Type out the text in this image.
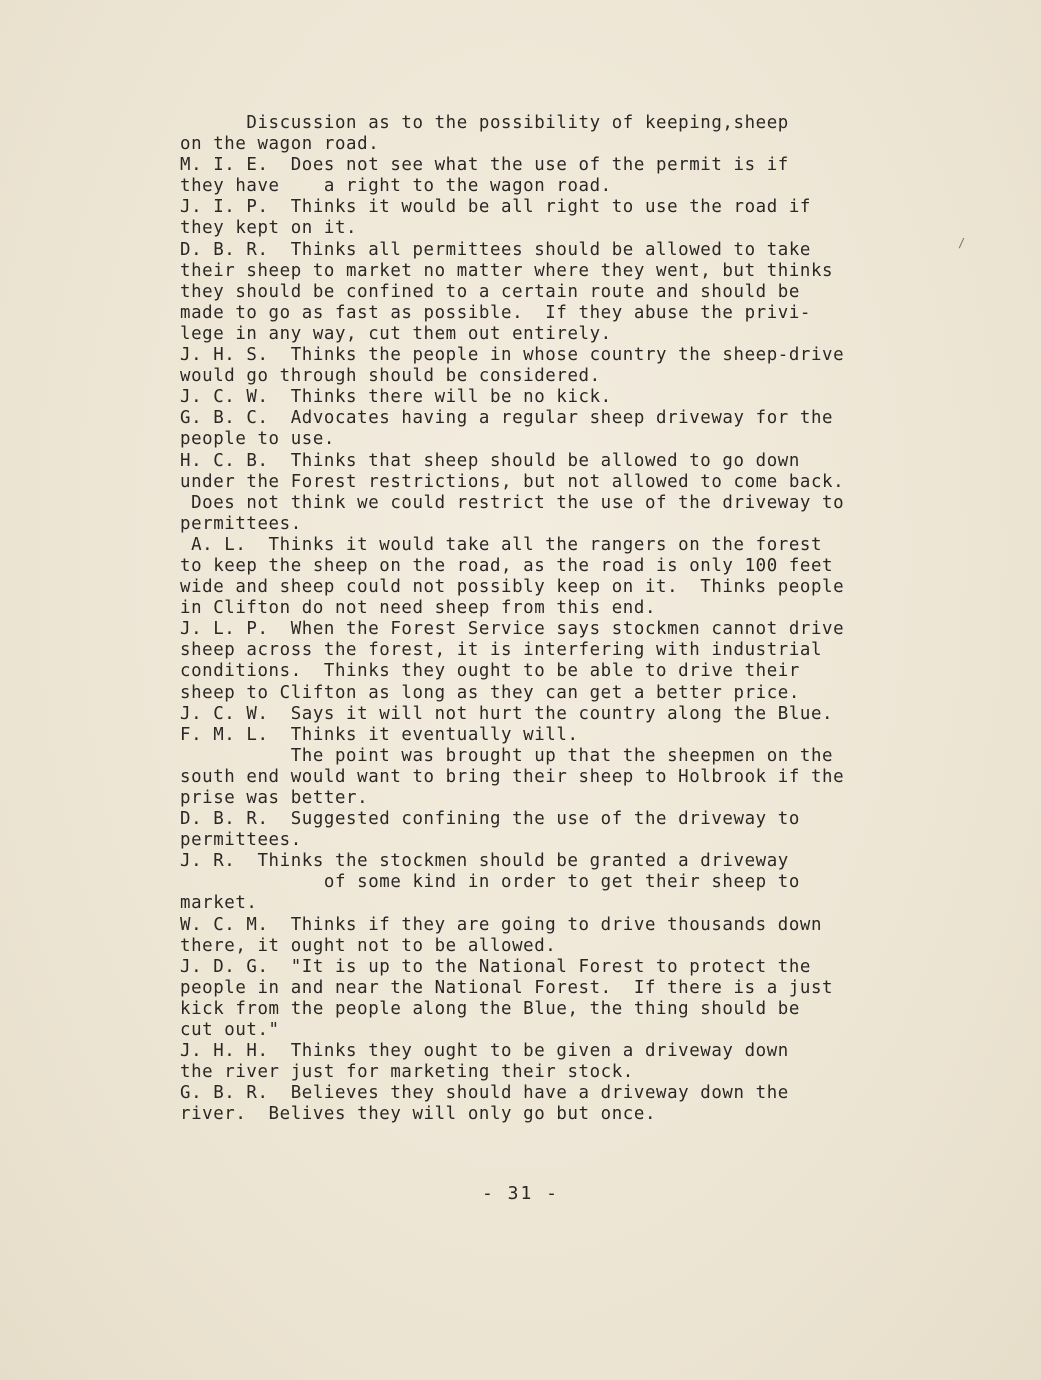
Discussion as to the possibility of keeping,sheep
on the wagon road.
M. I. E.  Does not see what the use of the permit is if
they have    a right to the wagon road.
J. I. P.  Thinks it would be all right to use the road if
they kept on it.
D. B. R.  Thinks all permittees should be allowed to take
their sheep to market no matter where they went, but thinks
they should be confined to a certain route and should be
made to go as fast as possible.  If they abuse the privi-
lege in any way, cut them out entirely.
J. H. S.  Thinks the people in whose country the sheep-drive
would go through should be considered.
J. C. W.  Thinks there will be no kick.
G. B. C.  Advocates having a regular sheep driveway for the
people to use.
H. C. B.  Thinks that sheep should be allowed to go down
under the Forest restrictions, but not allowed to come back.
Does not think we could restrict the use of the driveway to
permittees.
A. L.  Thinks it would take all the rangers on the forest
to keep the sheep on the road, as the road is only 100 feet
wide and sheep could not possibly keep on it.  Thinks people
in Clifton do not need sheep from this end.
J. L. P.  When the Forest Service says stockmen cannot drive
sheep across the forest, it is interfering with industrial
conditions.  Thinks they ought to be able to drive their
sheep to Clifton as long as they can get a better price.
J. C. W.  Says it will not hurt the country along the Blue.
F. M. L.  Thinks it eventually will.
The point was brought up that the sheepmen on the
south end would want to bring their sheep to Holbrook if the
prise was better.
D. B. R.  Suggested confining the use of the driveway to
permittees.
J. R.  Thinks the stockmen should be granted a driveway
of some kind in order to get their sheep to
market.
W. C. M.  Thinks if they are going to drive thousands down
there, it ought not to be allowed.
J. D. G.  "It is up to the National Forest to protect the
people in and near the National Forest.  If there is a just
kick from the people along the Blue, the thing should be
cut out."
J. H. H.  Thinks they ought to be given a driveway down
the river just for marketing their stock.
G. B. R.  Believes they should have a driveway down the
river.  Belives they will only go but once.
- 31 -
/
